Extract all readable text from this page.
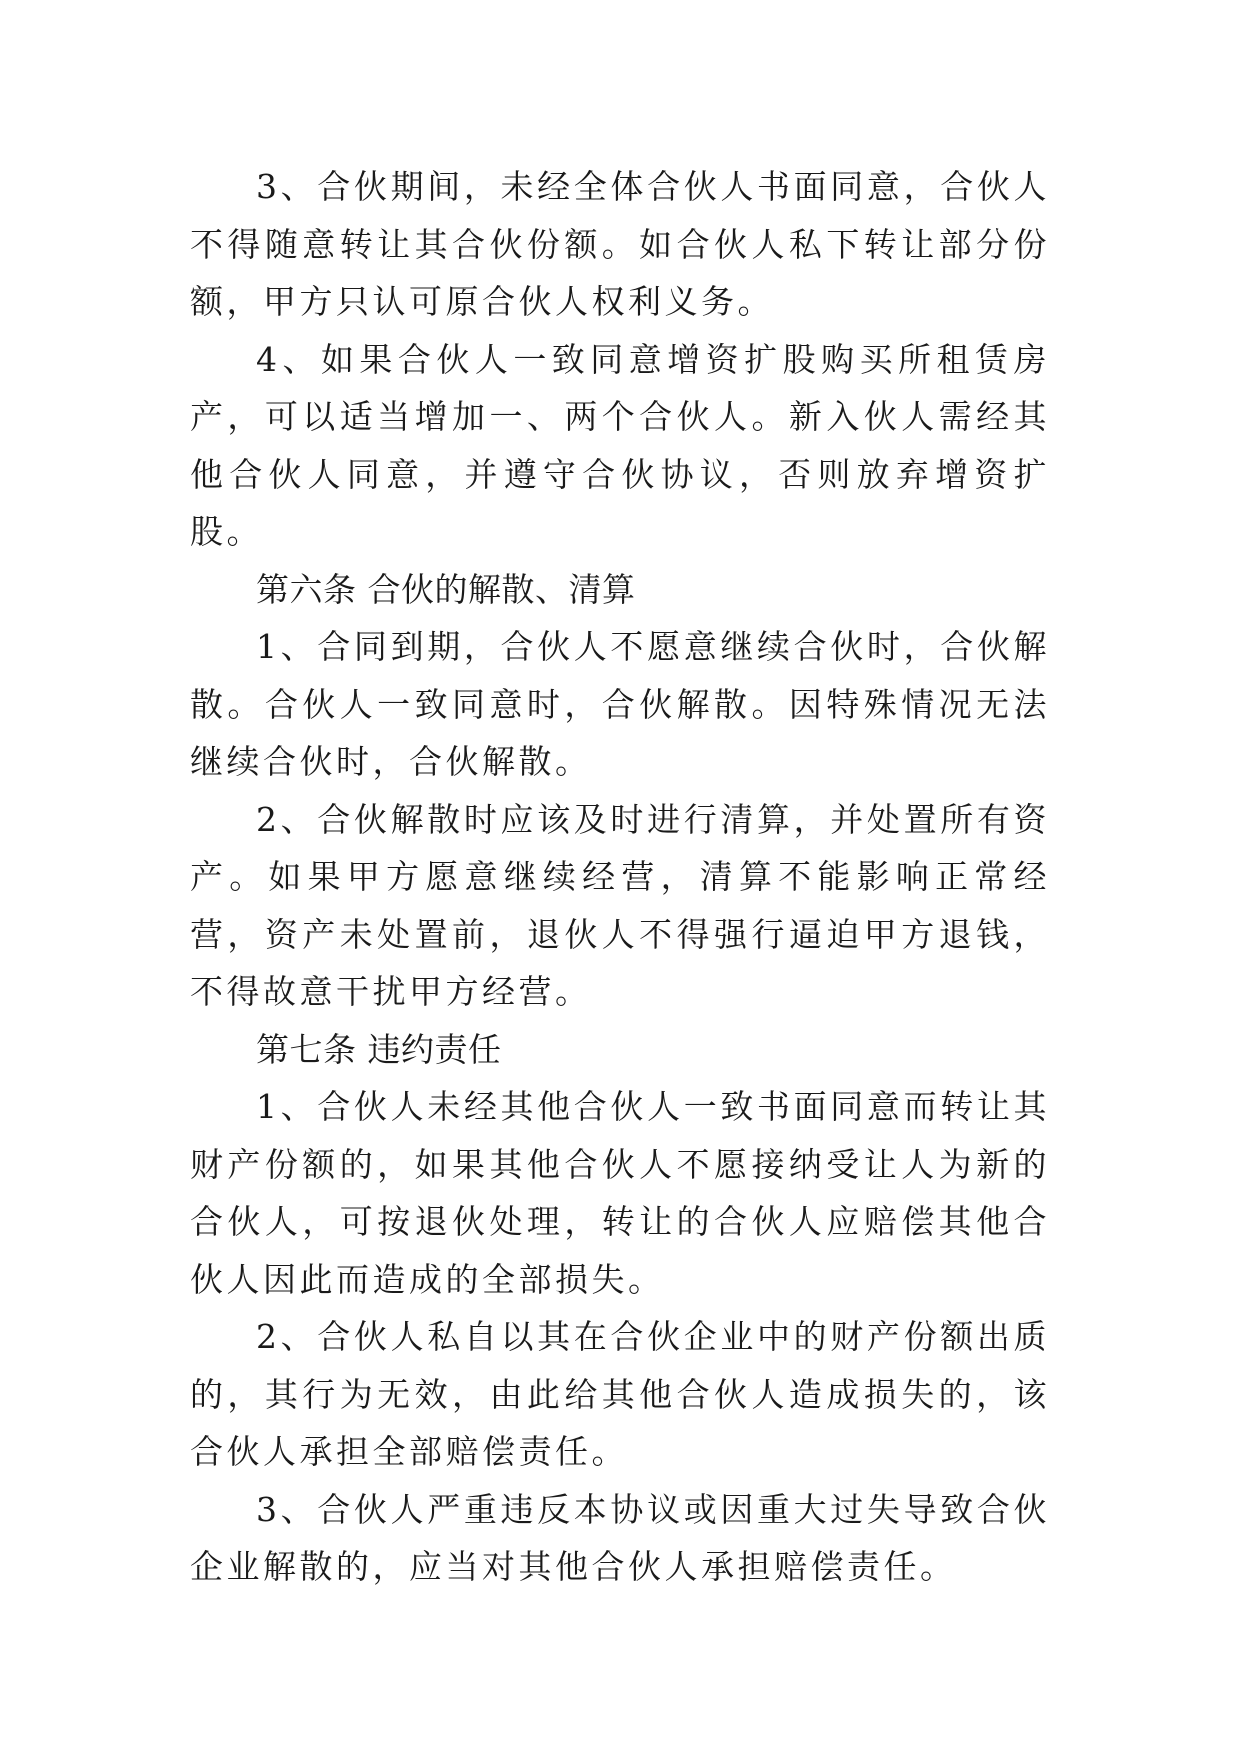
3、合伙期间，未经全体合伙人书面同意，合伙人不得随意转让其合伙份额。如合伙人私下转让部分份额，甲方只认可原合伙人权利义务。

4、如果合伙人一致同意增资扩股购买所租赁房产，可以适当增加一、两个合伙人。新入伙人需经其他合伙人同意，并遵守合伙协议，否则放弃增资扩股。

第六条 合伙的解散、清算

1、合同到期，合伙人不愿意继续合伙时，合伙解散。合伙人一致同意时，合伙解散。因特殊情况无法继续合伙时，合伙解散。

2、合伙解散时应该及时进行清算，并处置所有资产。如果甲方愿意继续经营，清算不能影响正常经营，资产未处置前，退伙人不得强行逼迫甲方退钱，不得故意干扰甲方经营。

第七条 违约责任

1、合伙人未经其他合伙人一致书面同意而转让其财产份额的，如果其他合伙人不愿接纳受让人为新的合伙人，可按退伙处理，转让的合伙人应赔偿其他合伙人因此而造成的全部损失。

2、合伙人私自以其在合伙企业中的财产份额出质的，其行为无效，由此给其他合伙人造成损失的，该合伙人承担全部赔偿责任。

3、合伙人严重违反本协议或因重大过失导致合伙企业解散的，应当对其他合伙人承担赔偿责任。
